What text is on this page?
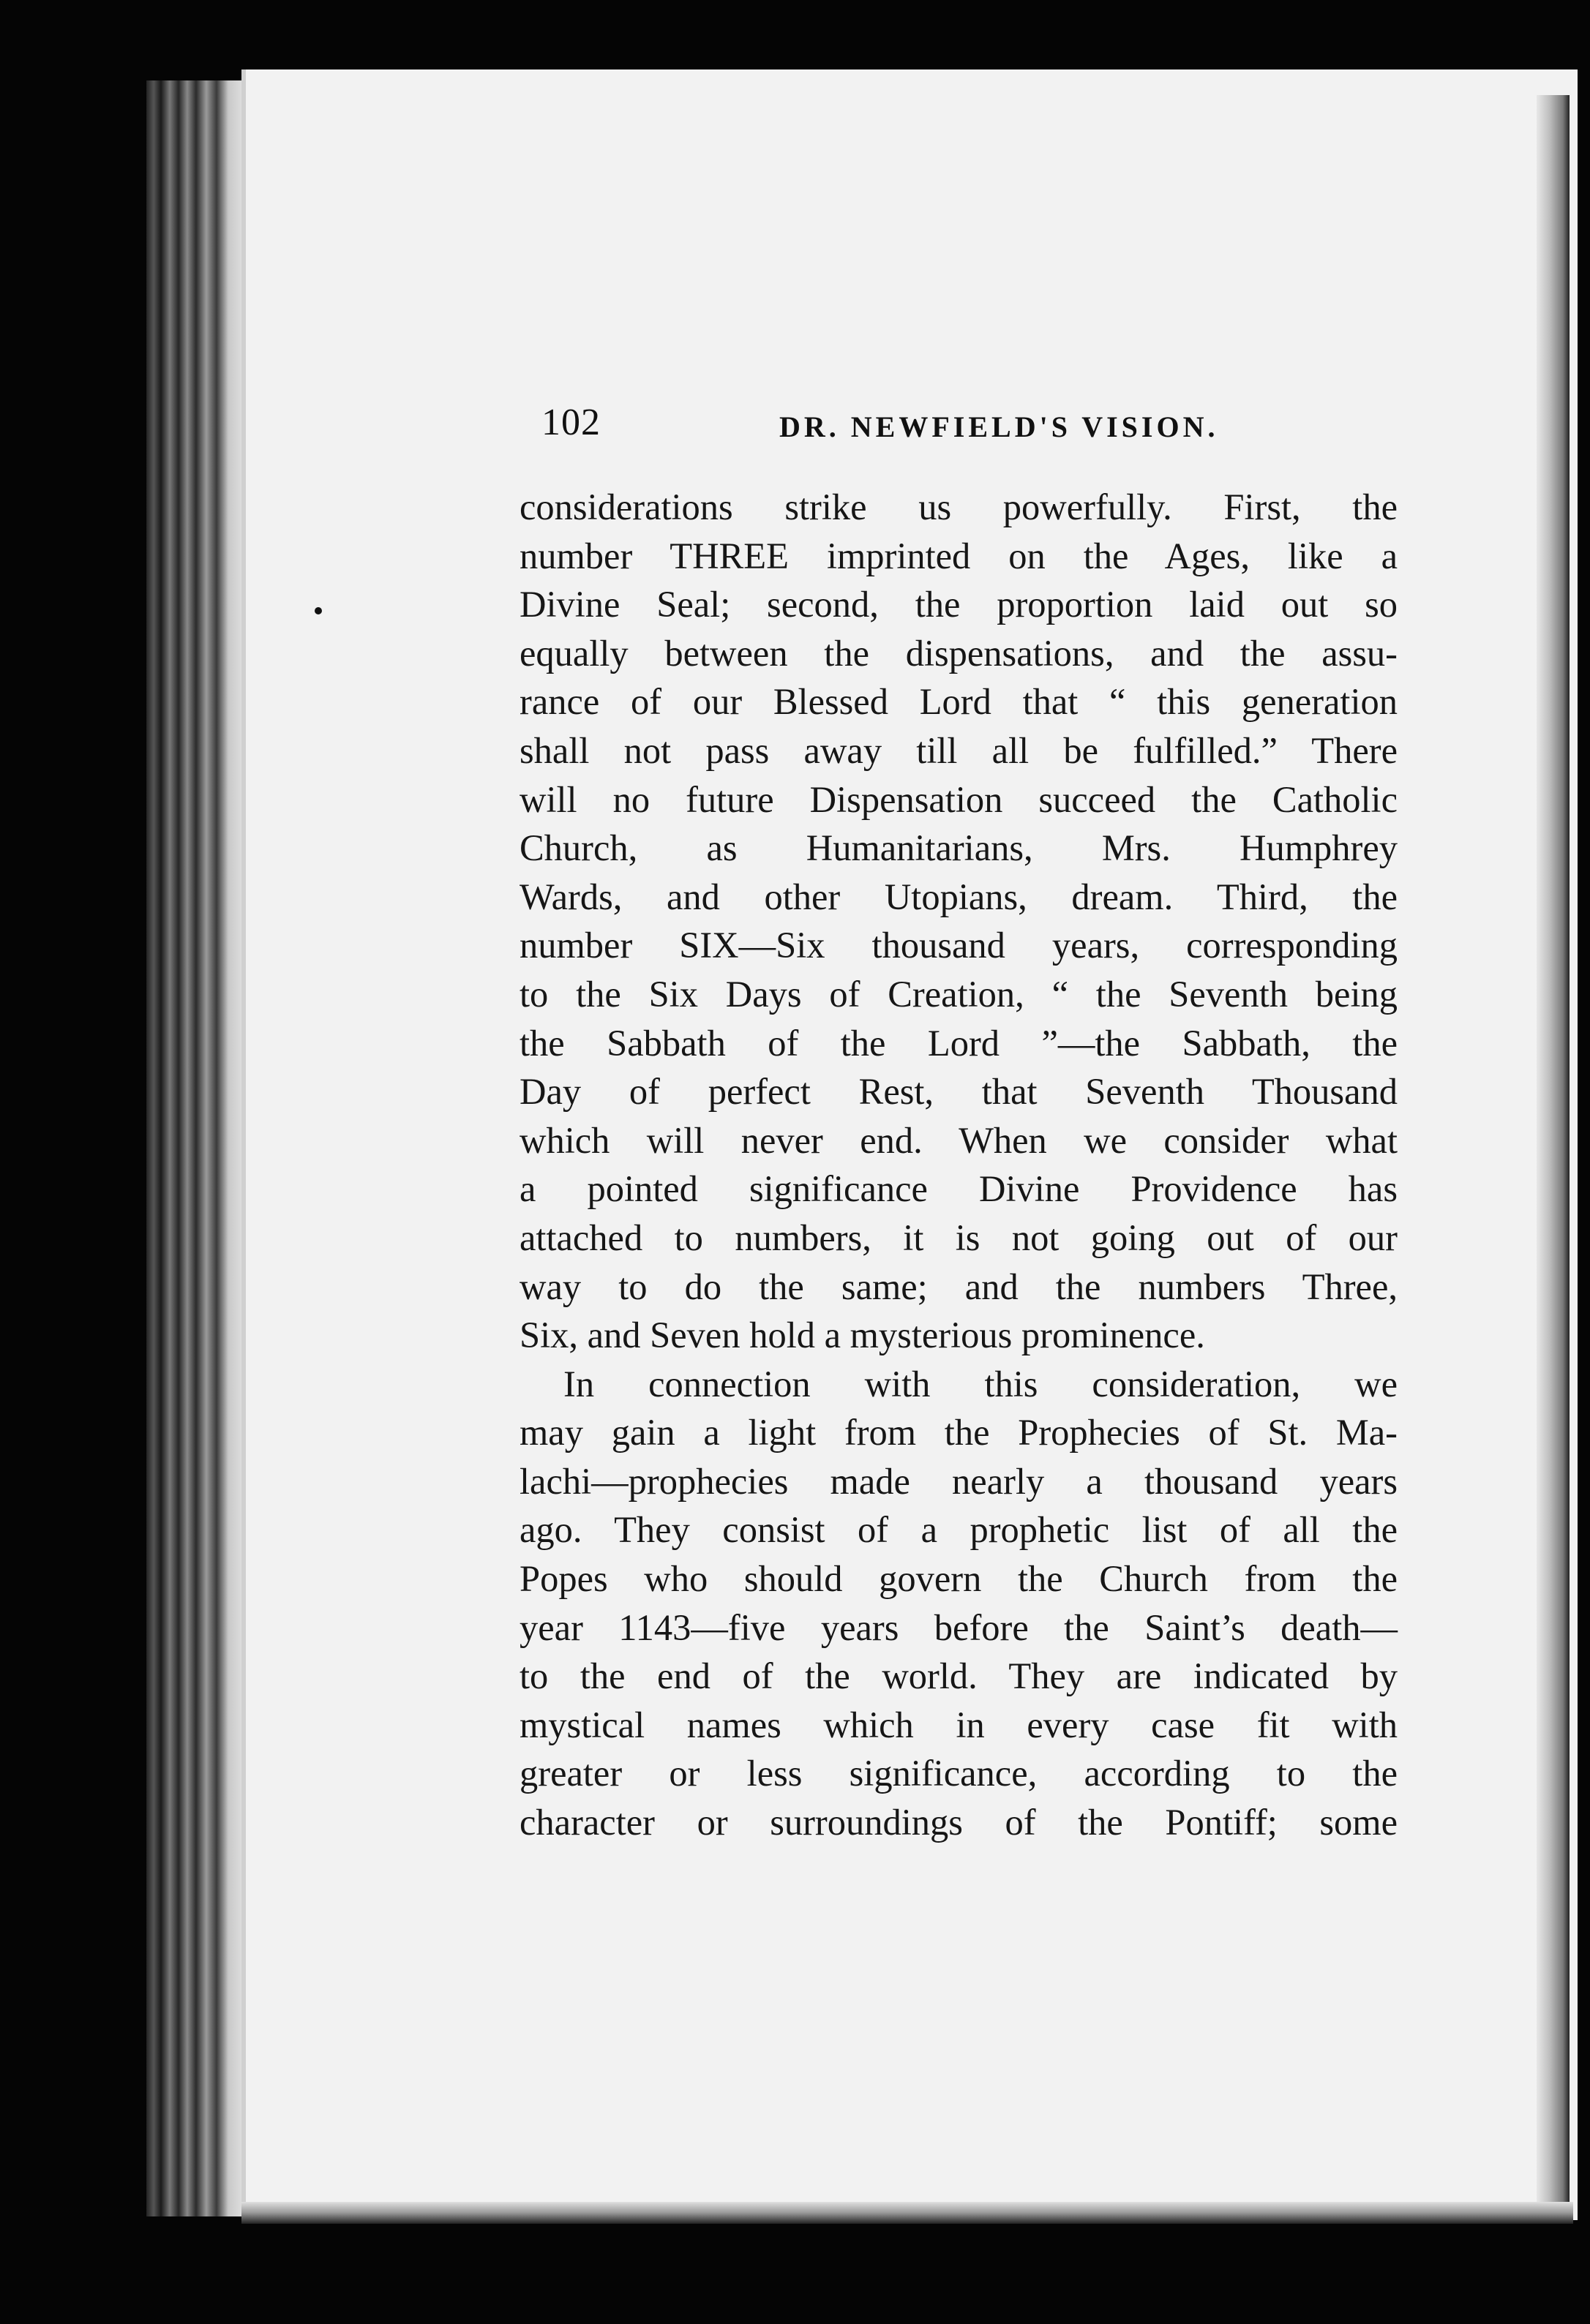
102	DR. NEWFIELD'S VISION.
considerations strike us powerfully. First, the
number THREE imprinted on the Ages, like a
Divine Seal; second, the proportion laid out so
equally between the dispensations, and the assu-
rance of our Blessed Lord that “ this generation
shall not pass away till all be fulfilled.” There
will no future Dispensation succeed the Catholic
Church, as Humanitarians, Mrs. Humphrey
Wards, and other Utopians, dream. Third, the
number SIX—Six thousand years, corresponding
to the Six Days of Creation, “ the Seventh being
the Sabbath of the Lord ”—the Sabbath, the
Day of perfect Rest, that Seventh Thousand
which will never end. When we consider what
a pointed significance Divine Providence has
attached to numbers, it is not going out of our
way to do the same; and the numbers Three,
Six, and Seven hold a mysterious prominence.
In connection with this consideration, we
may gain a light from the Prophecies of St. Ma-
lachi—prophecies made nearly a thousand years
ago. They consist of a prophetic list of all the
Popes who should govern the Church from the
year 1143—five years before the Saint’s death—
to the end of the world. They are indicated by
mystical names which in every case fit with
greater or less significance, according to the
character or surroundings of the Pontiff; some
